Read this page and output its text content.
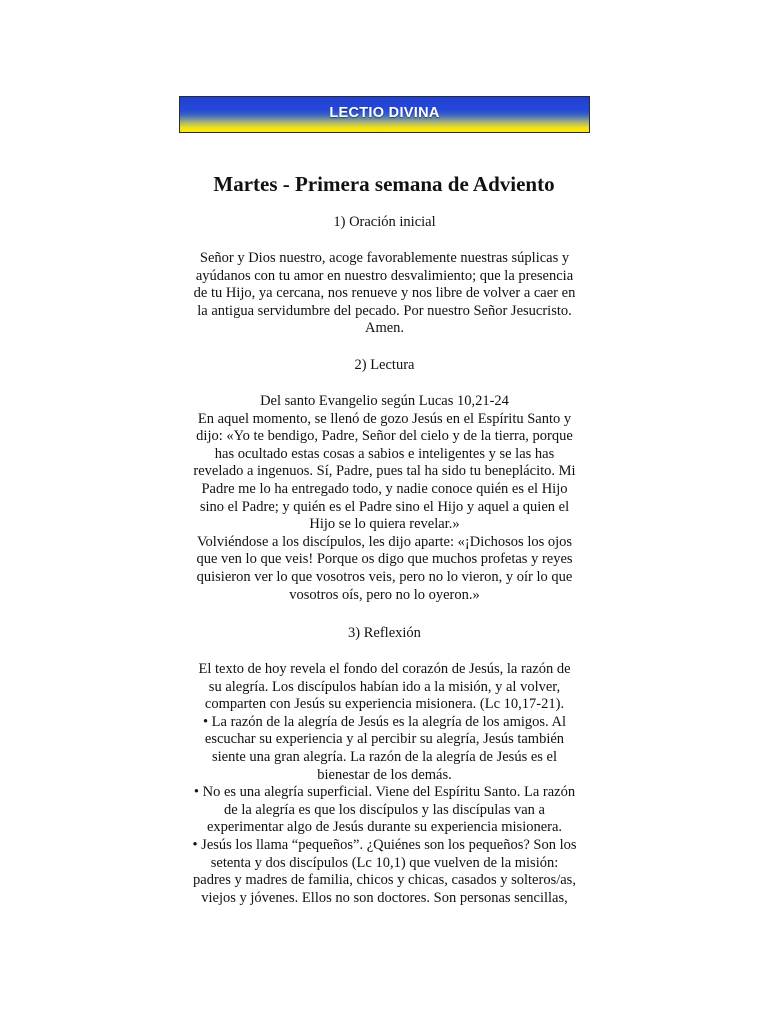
LECTIO DIVINA
Martes - Primera semana de Adviento
1) Oración inicial
Señor y Dios nuestro, acoge favorablemente nuestras súplicas y
ayúdanos con tu amor en nuestro desvalimiento; que la presencia
de tu Hijo, ya cercana, nos renueve y nos libre de volver a caer en
la antigua servidumbre del pecado. Por nuestro Señor Jesucristo.
Amen.
2) Lectura
Del santo Evangelio según Lucas 10,21-24
En aquel momento, se llenó de gozo Jesús en el Espíritu Santo y
dijo: «Yo te bendigo, Padre, Señor del cielo y de la tierra, porque
has ocultado estas cosas a sabios e inteligentes y se las has
revelado a ingenuos. Sí, Padre, pues tal ha sido tu beneplácito. Mi
Padre me lo ha entregado todo, y nadie conoce quién es el Hijo
sino el Padre; y quién es el Padre sino el Hijo y aquel a quien el
Hijo se lo quiera revelar.»
Volviéndose a los discípulos, les dijo aparte: «¡Dichosos los ojos
que ven lo que veis! Porque os digo que muchos profetas y reyes
quisieron ver lo que vosotros veis, pero no lo vieron, y oír lo que
vosotros oís, pero no lo oyeron.»
3) Reflexión
El texto de hoy revela el fondo del corazón de Jesús, la razón de
su alegría. Los discípulos habían ido a la misión, y al volver,
comparten con Jesús su experiencia misionera. (Lc 10,17-21).
• La razón de la alegría de Jesús es la alegría de los amigos. Al
escuchar su experiencia y al percibir su alegría, Jesús también
siente una gran alegría. La razón de la alegría de Jesús es el
bienestar de los demás.
• No es una alegría superficial. Viene del Espíritu Santo. La razón
de la alegría es que los discípulos y las discípulas van a
experimentar algo de Jesús durante su experiencia misionera.
• Jesús los llama “pequeños”. ¿Quiénes son los pequeños? Son los
setenta y dos discípulos (Lc 10,1) que vuelven de la misión:
padres y madres de familia, chicos y chicas, casados y solteros/as,
viejos y jóvenes. Ellos no son doctores. Son personas sencillas,
